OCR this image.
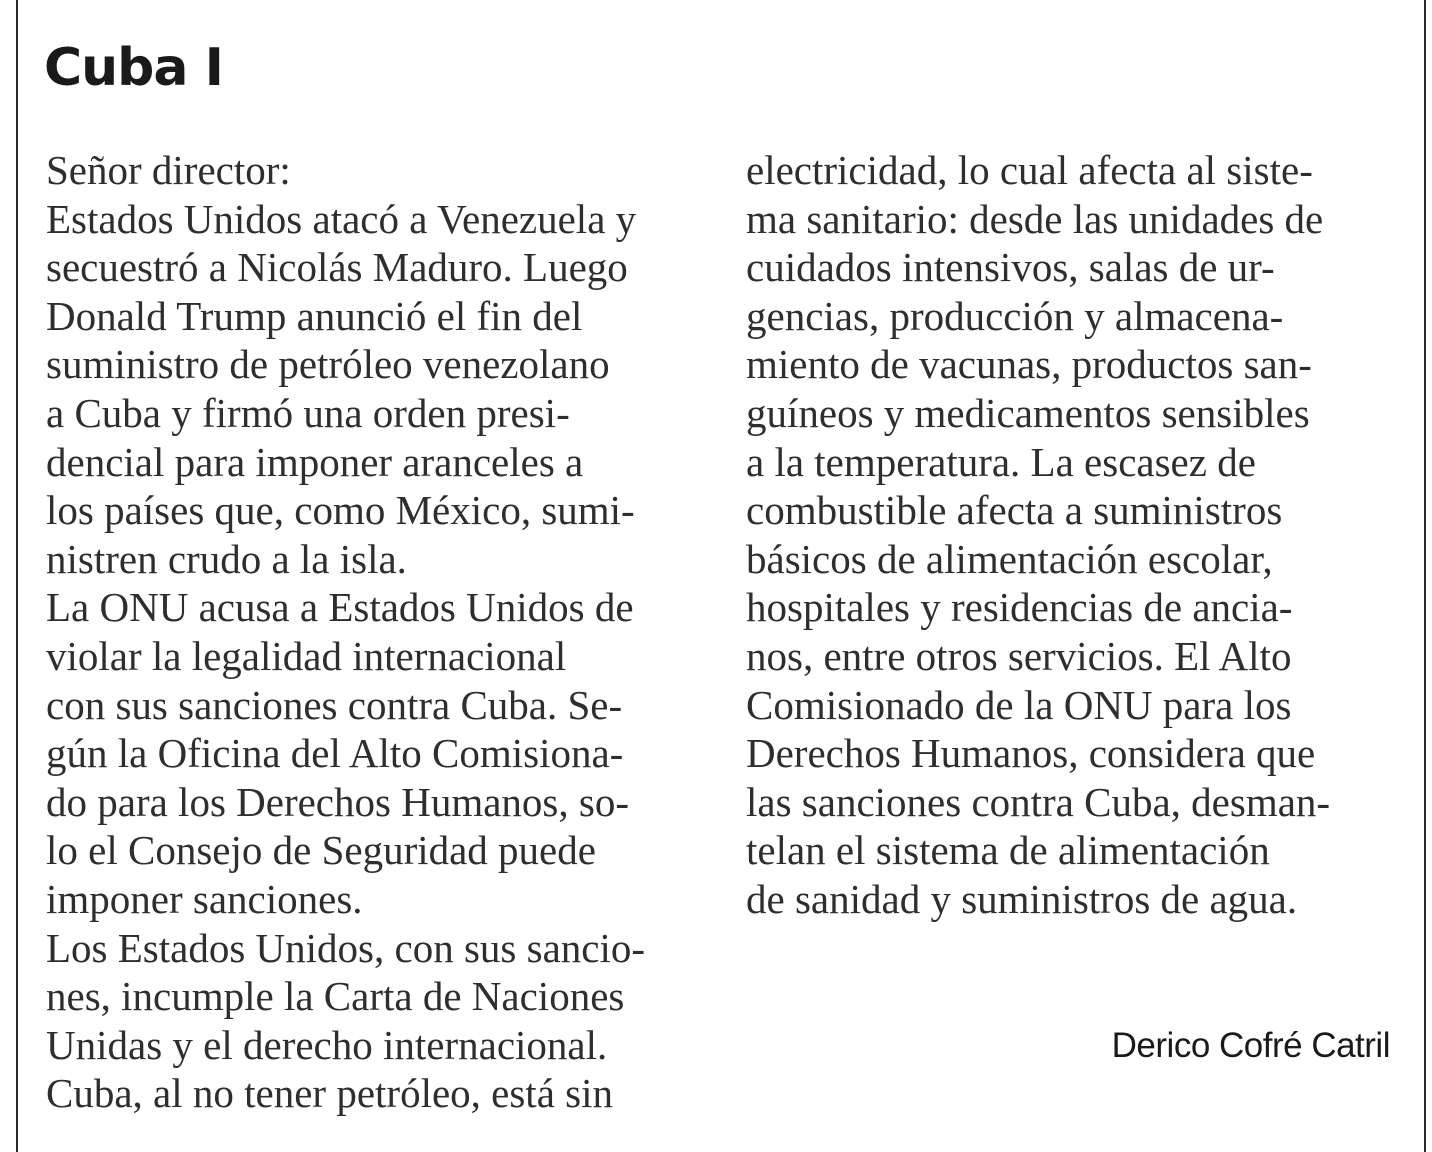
Cuba I
Señor director:
Estados Unidos atacó a Venezuela y
secuestró a Nicolás Maduro. Luego
Donald Trump anunció el fin del
suministro de petróleo venezolano
a Cuba y firmó una orden presi-
dencial para imponer aranceles a
los países que, como México, sumi-
nistren crudo a la isla.
La ONU acusa a Estados Unidos de
violar la legalidad internacional
con sus sanciones contra Cuba. Se-
gún la Oficina del Alto Comisiona-
do para los Derechos Humanos, so-
lo el Consejo de Seguridad puede
imponer sanciones.
Los Estados Unidos, con sus sancio-
nes, incumple la Carta de Naciones
Unidas y el derecho internacional.
Cuba, al no tener petróleo, está sin
electricidad, lo cual afecta al siste-
ma sanitario: desde las unidades de
cuidados intensivos, salas de ur-
gencias, producción y almacena-
miento de vacunas, productos san-
guíneos y medicamentos sensibles
a la temperatura. La escasez de
combustible afecta a suministros
básicos de alimentación escolar,
hospitales y residencias de ancia-
nos, entre otros servicios. El Alto
Comisionado de la ONU para los
Derechos Humanos, considera que
las sanciones contra Cuba, desman-
telan el sistema de alimentación
de sanidad y suministros de agua.

Derico Cofré Catril
